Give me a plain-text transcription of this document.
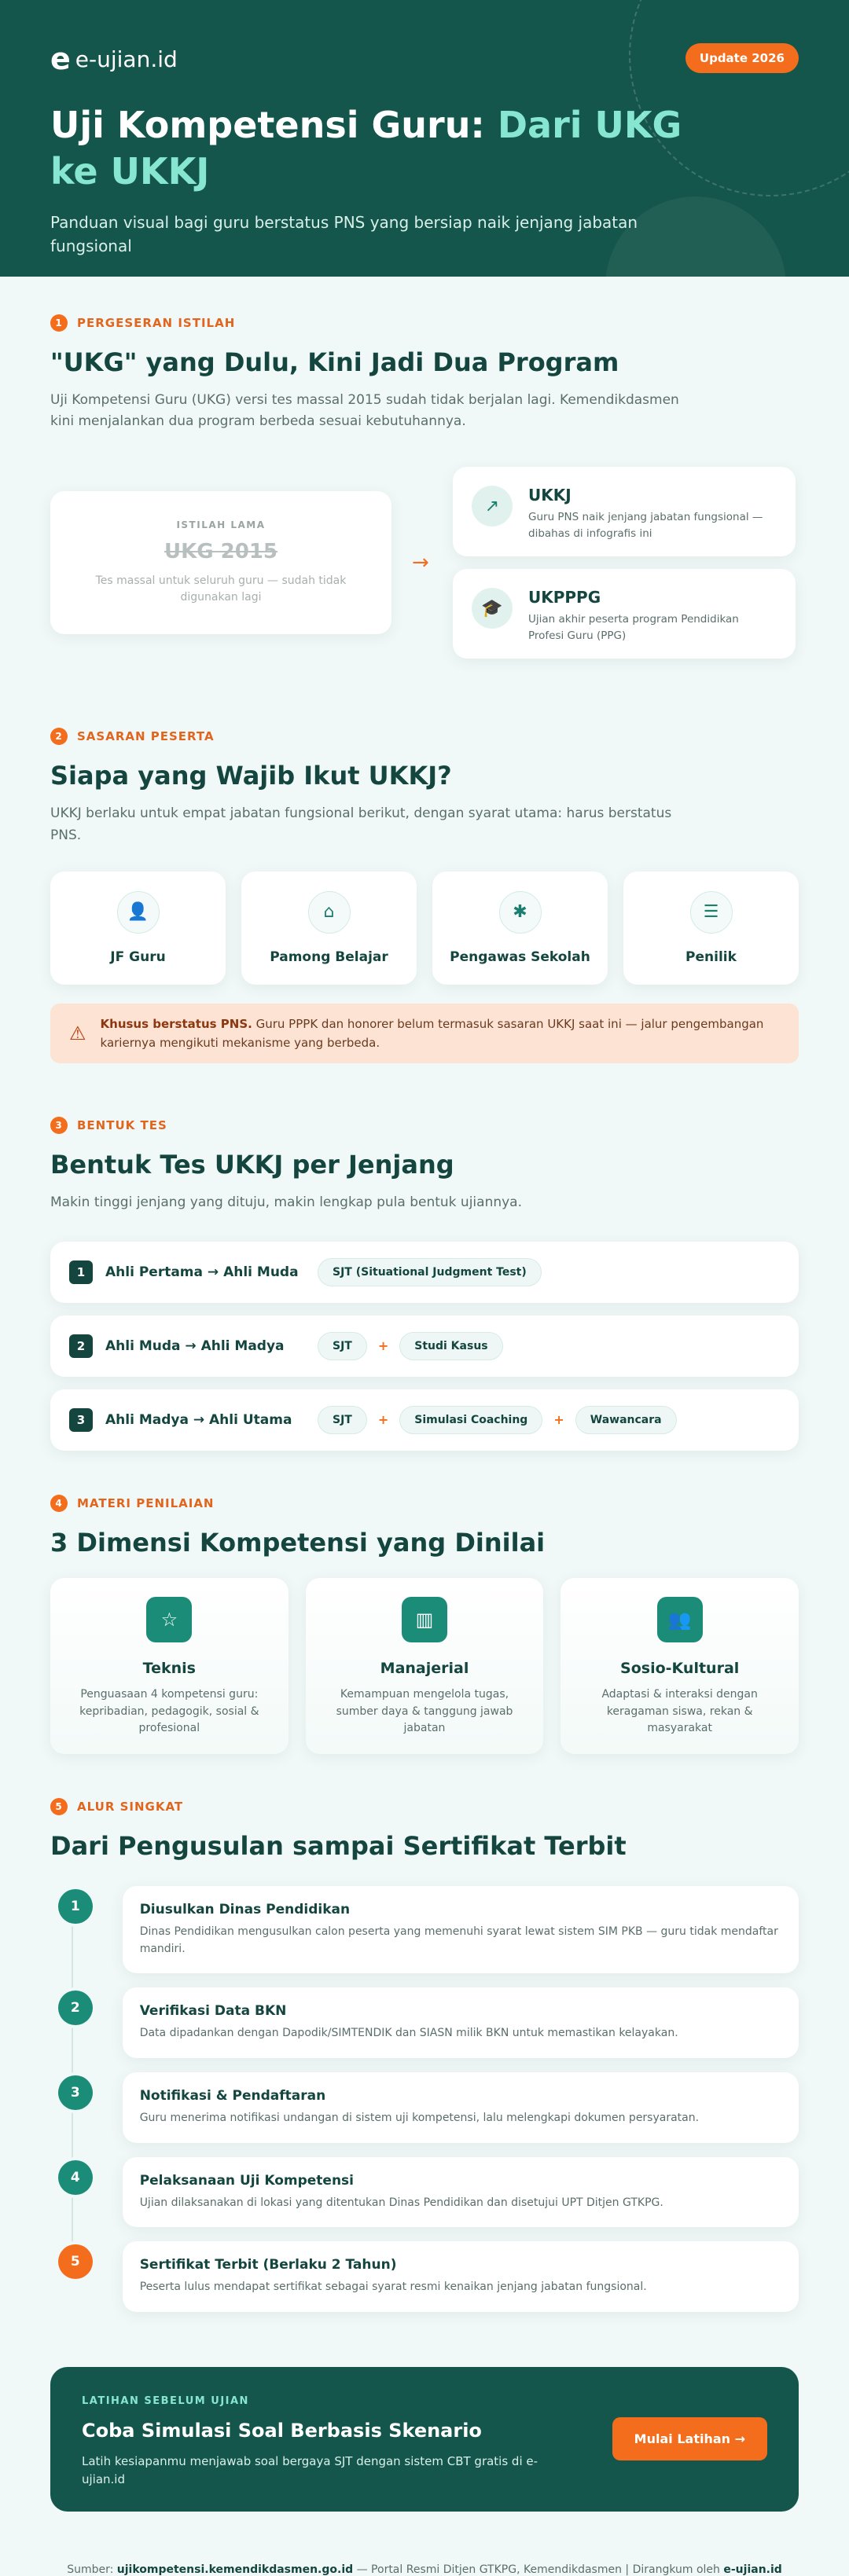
e e-ujian.id	Update 2026
Uji Kompetensi Guru: Dari UKG ke UKKJ
Panduan visual bagi guru berstatus PNS yang bersiap naik jenjang jabatan fungsional
1	PERGESERAN ISTILAH
"UKG" yang Dulu, Kini Jadi Dua Program
Uji Kompetensi Guru (UKG) versi tes massal 2015 sudah tidak berjalan lagi. Kemendikdasmen kini menjalankan dua program berbeda sesuai kebutuhannya.
ISTILAH LAMA
UKG 2015
Tes massal untuk seluruh guru — sudah tidak digunakan lagi
→
↗
UKKJ
Guru PNS naik jenjang jabatan fungsional — dibahas di infografis ini
🎓
UKPPPG
Ujian akhir peserta program Pendidikan Profesi Guru (PPG)
2	SASARAN PESERTA
Siapa yang Wajib Ikut UKKJ?
UKKJ berlaku untuk empat jabatan fungsional berikut, dengan syarat utama: harus berstatus PNS.
👤
JF Guru
⌂
Pamong Belajar
✱
Pengawas Sekolah
☰
Penilik
⚠ Khusus berstatus PNS. Guru PPPK dan honorer belum termasuk sasaran UKKJ saat ini — jalur pengembangan kariernya mengikuti mekanisme yang berbeda.
3	BENTUK TES
Bentuk Tes UKKJ per Jenjang
Makin tinggi jenjang yang dituju, makin lengkap pula bentuk ujiannya.
1	Ahli Pertama → Ahli Muda	SJT (Situational Judgment Test)
2	Ahli Muda → Ahli Madya	SJT	+	Studi Kasus
3	Ahli Madya → Ahli Utama	SJT	+	Simulasi Coaching	+	Wawancara
4	MATERI PENILAIAN
3 Dimensi Kompetensi yang Dinilai
☆
Teknis
Penguasaan 4 kompetensi guru: kepribadian, pedagogik, sosial & profesional
▥
Manajerial
Kemampuan mengelola tugas, sumber daya & tanggung jawab jabatan
👥
Sosio-Kultural
Adaptasi & interaksi dengan keragaman siswa, rekan & masyarakat
5	ALUR SINGKAT
Dari Pengusulan sampai Sertifikat Terbit
1	Diusulkan Dinas Pendidikan
Dinas Pendidikan mengusulkan calon peserta yang memenuhi syarat lewat sistem SIM PKB — guru tidak mendaftar mandiri.
2	Verifikasi Data BKN
Data dipadankan dengan Dapodik/SIMTENDIK dan SIASN milik BKN untuk memastikan kelayakan.
3	Notifikasi & Pendaftaran
Guru menerima notifikasi undangan di sistem uji kompetensi, lalu melengkapi dokumen persyaratan.
4	Pelaksanaan Uji Kompetensi
Ujian dilaksanakan di lokasi yang ditentukan Dinas Pendidikan dan disetujui UPT Ditjen GTKPG.
5	Sertifikat Terbit (Berlaku 2 Tahun)
Peserta lulus mendapat sertifikat sebagai syarat resmi kenaikan jenjang jabatan fungsional.
LATIHAN SEBELUM UJIAN
Coba Simulasi Soal Berbasis Skenario
Latih kesiapanmu menjawab soal bergaya SJT dengan sistem CBT gratis di e-ujian.id
Mulai Latihan →
Sumber: ujikompetensi.kemendikdasmen.go.id — Portal Resmi Ditjen GTKPG, Kemendikdasmen | Dirangkum oleh e-ujian.id
